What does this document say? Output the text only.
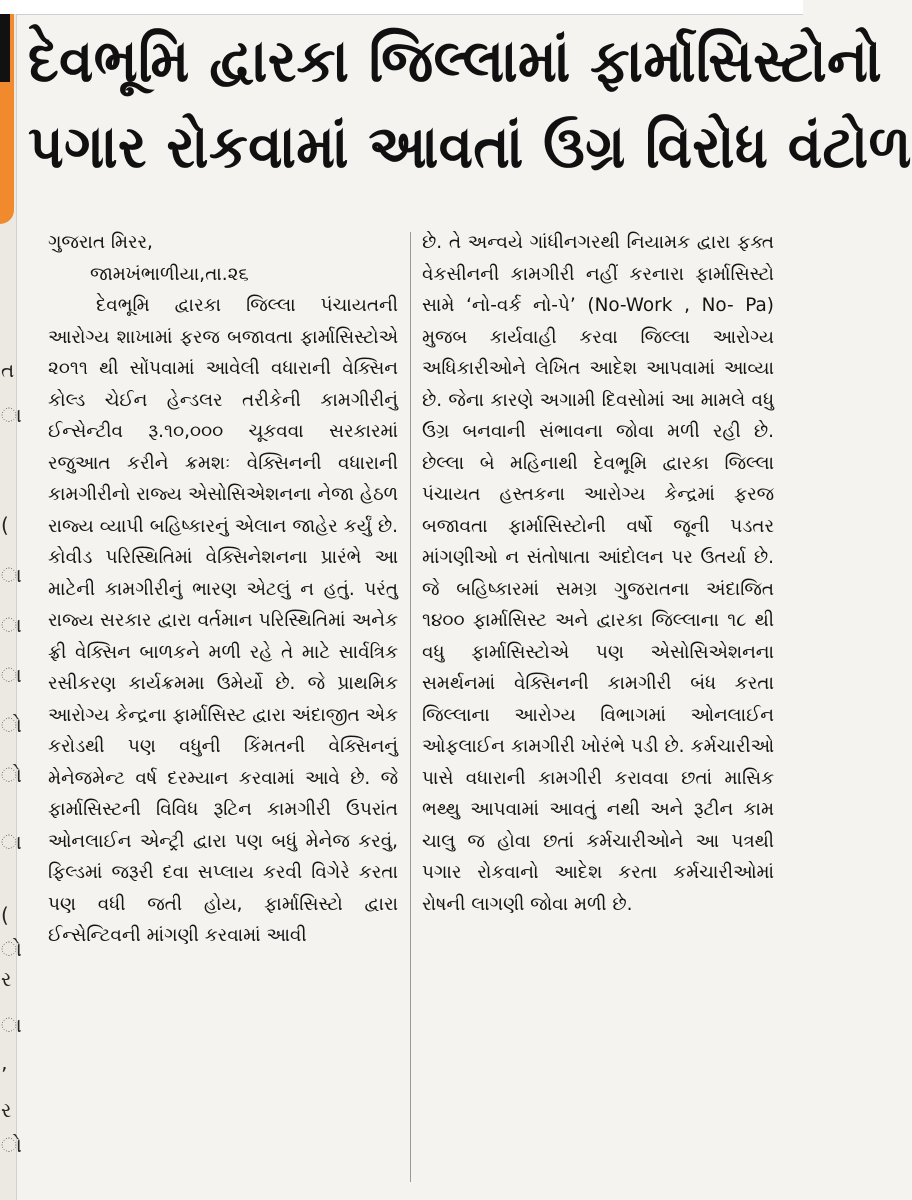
ત
ા
(
ા
ા
ા
ો
ો
ા
(
ો
ર
ા
’
ર
ો
દેવભૂમિ દ્વારકા જિલ્લામાં ફાર્માસિસ્ટોનો
પગાર રોકવામાં આવતાં ઉગ્ર વિરોધ વંટોળ

ગુજરાત મિરર,

જામખંભાળીયા,તા.૨૬

દેવભૂમિ દ્વારકા જિલ્લા પંચાયતની આરોગ્ય શાખામાં ફરજ બજાવતા ફાર્માસિસ્ટોએ ૨૦૧૧ થી સોંપવામાં આવેલી વધારાની વેક્સિન કોલ્ડ ચેઈન હેન્ડલર તરીકેની કામગીરીનું ઈન્સેન્ટીવ રૂ.૧૦,૦૦૦ ચૂકવવા સરકારમાં રજુઆત કરીને ક્રમશઃ વેક્સિનની વધારાની કામગીરીનો રાજ્ય એસોસિએશનના નેજા હેઠળ રાજ્ય વ્યાપી બહિષ્કારનું એલાન જાહેર કર્યું છે. કોવીડ પરિસ્થિતિમાં વેક્સિનેશનના પ્રારંભે આ માટેની કામગીરીનું ભારણ એટલું ન હતું. પરંતુ રાજ્ય સરકાર દ્વારા વર્તમાન પરિસ્થિતિમાં અનેક ફ્રી વેક્સિન બાળકને મળી રહે તે માટે સાર્વત્રિક રસીકરણ કાર્યક્રમમા ઉમેર્યો છે. જે પ્રાથમિક આરોગ્ય કેન્દ્રના ફાર્માસિસ્ટ દ્વારા અંદાજીત એક કરોડથી પણ વધુની કિંમતની વેક્સિનનું મેનેજમેન્ટ વર્ષ દરમ્યાન કરવામાં આવે છે. જે ફાર્માસિસ્ટની વિવિધ રૂટિન કામગીરી ઉપરાંત ઓનલાઈન એન્ટ્રી દ્વારા પણ બધું મેનેજ કરવું, ફિલ્ડમાં જરૂરી દવા સપ્લાય કરવી વિગેરે કરતા પણ વધી જતી હોય, ફાર્માસિસ્ટો દ્વારા ઈન્સેન્ટિવની માંગણી કરવામાં આવી

છે. તે અન્વયે ગાંધીનગરથી નિયામક દ્વારા ફક્ત વેકસીનની કામગીરી નહીં કરનારા ફાર્માસિસ્ટો સામે ‘નો-વર્ક નો-પે’ (No-Work , No- Pa) મુજબ કાર્યવાહી કરવા જિલ્લા આરોગ્ય અધિકારીઓને લેખિત આદેશ આપવામાં આવ્યા છે. જેના કારણે અગામી દિવસોમાં આ મામલે વધુ ઉગ્ર બનવાની સંભાવના જોવા મળી રહી છે. છેલ્લા બે મહિનાથી દેવભૂમિ દ્વારકા જિલ્લા પંચાયત હસ્તકના આરોગ્ય કેન્દ્રમાં ફરજ બજાવતા ફાર્માસિસ્ટોની વર્ષો જૂની પડતર માંગણીઓ ન સંતોષાતા આંદોલન પર ઉતર્યા છે. જે બહિષ્કારમાં સમગ્ર ગુજરાતના અંદાજિત ૧૪૦૦ ફાર્માસિસ્ટ અને દ્વારકા જિલ્લાના ૧૮ થી વધુ ફાર્માસિસ્ટોએ પણ એસોસિએશનના સમર્થનમાં વેક્સિનની કામગીરી બંધ કરતા જિલ્લાના આરોગ્ય વિભાગમાં ઓનલાઈન ઓફલાઈન કામગીરી ખોરંભે પડી છે. કર્મચારીઓ પાસે વધારાની કામગીરી કરાવવા છતાં માસિક ભથ્થુ આપવામાં આવતું નથી અને રૂટીન કામ ચાલુ જ હોવા છતાં કર્મચારીઓને આ પત્રથી પગાર રોકવાનો આદેશ કરતા કર્મચારીઓમાં રોષની લાગણી જોવા મળી છે.
